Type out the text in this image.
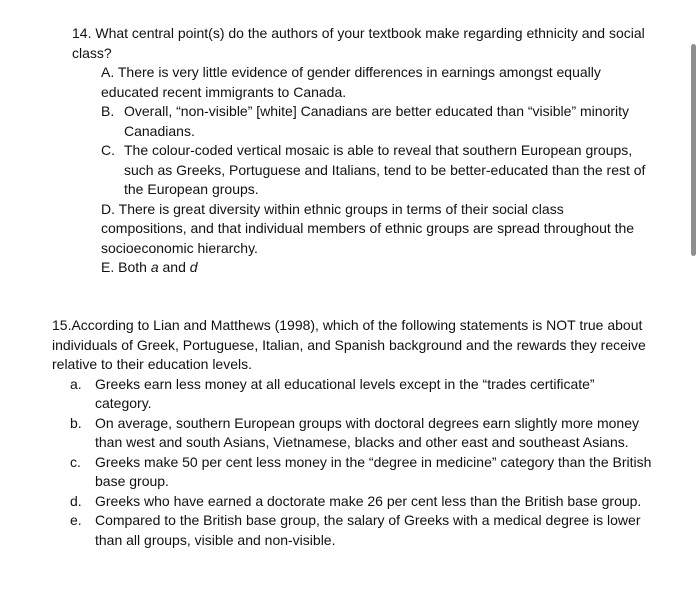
14. What central point(s) do the authors of your textbook make regarding ethnicity and social class?
A. There is very little evidence of gender differences in earnings amongst equally educated recent immigrants to Canada.
B. Overall, “non-visible” [white] Canadians are better educated than “visible” minority Canadians.
C. The colour-coded vertical mosaic is able to reveal that southern European groups, such as Greeks, Portuguese and Italians, tend to be better-educated than the rest of the European groups.
D. There is great diversity within ethnic groups in terms of their social class compositions, and that individual members of ethnic groups are spread throughout the socioeconomic hierarchy.
E. Both a and d
15.According to Lian and Matthews (1998), which of the following statements is NOT true about individuals of Greek, Portuguese, Italian, and Spanish background and the rewards they receive relative to their education levels.
a. Greeks earn less money at all educational levels except in the “trades certificate” category.
b. On average, southern European groups with doctoral degrees earn slightly more money than west and south Asians, Vietnamese, blacks and other east and southeast Asians.
c. Greeks make 50 per cent less money in the “degree in medicine” category than the British base group.
d. Greeks who have earned a doctorate make 26 per cent less than the British base group.
e. Compared to the British base group, the salary of Greeks with a medical degree is lower than all groups, visible and non-visible.
